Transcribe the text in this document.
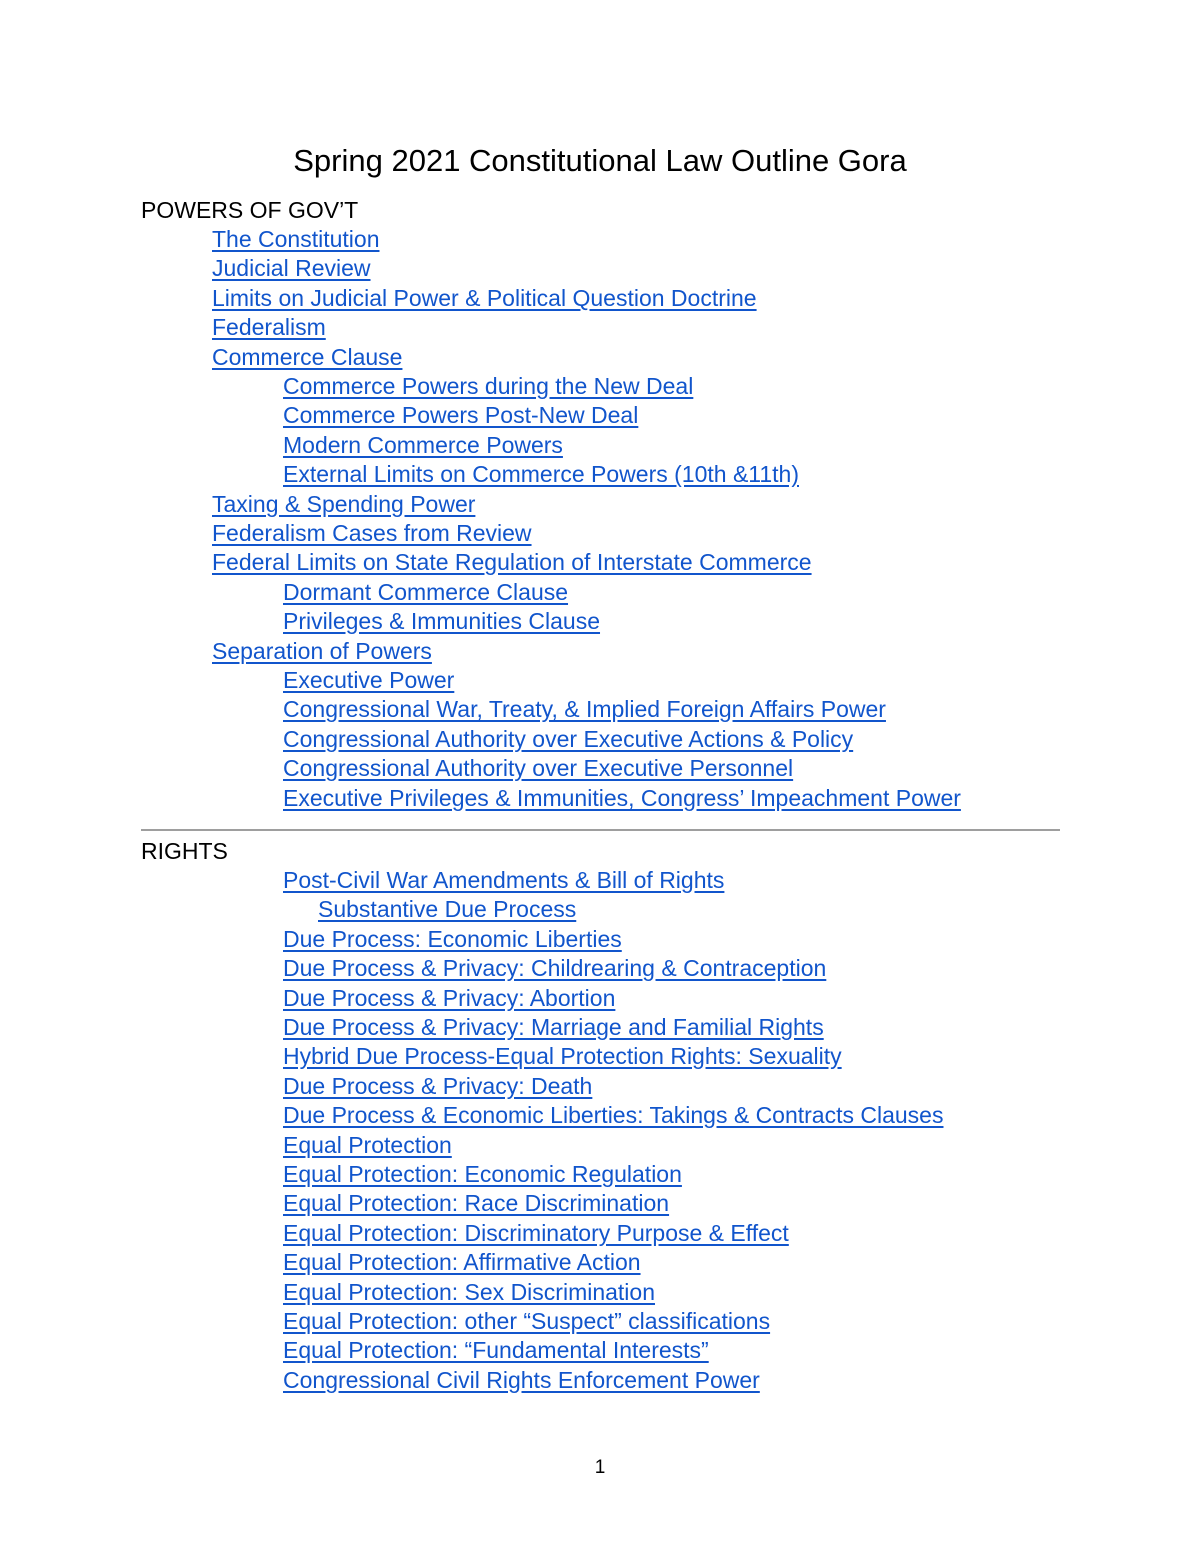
Spring 2021 Constitutional Law Outline Gora
POWERS OF GOV’T
The Constitution
Judicial Review
Limits on Judicial Power & Political Question Doctrine
Federalism
Commerce Clause
Commerce Powers during the New Deal
Commerce Powers Post-New Deal
Modern Commerce Powers
External Limits on Commerce Powers (10th &11th)
Taxing & Spending Power
Federalism Cases from Review
Federal Limits on State Regulation of Interstate Commerce
Dormant Commerce Clause
Privileges & Immunities Clause
Separation of Powers
Executive Power
Congressional War, Treaty, & Implied Foreign Affairs Power
Congressional Authority over Executive Actions & Policy
Congressional Authority over Executive Personnel
Executive Privileges & Immunities, Congress’ Impeachment Power
RIGHTS
Post-Civil War Amendments & Bill of Rights
Substantive Due Process
Due Process: Economic Liberties
Due Process & Privacy: Childrearing & Contraception
Due Process & Privacy: Abortion
Due Process & Privacy: Marriage and Familial Rights
Hybrid Due Process-Equal Protection Rights: Sexuality
Due Process & Privacy: Death
Due Process & Economic Liberties: Takings & Contracts Clauses
Equal Protection
Equal Protection: Economic Regulation
Equal Protection: Race Discrimination
Equal Protection: Discriminatory Purpose & Effect
Equal Protection: Affirmative Action
Equal Protection: Sex Discrimination
Equal Protection: other “Suspect” classifications
Equal Protection: “Fundamental Interests”
Congressional Civil Rights Enforcement Power
1
